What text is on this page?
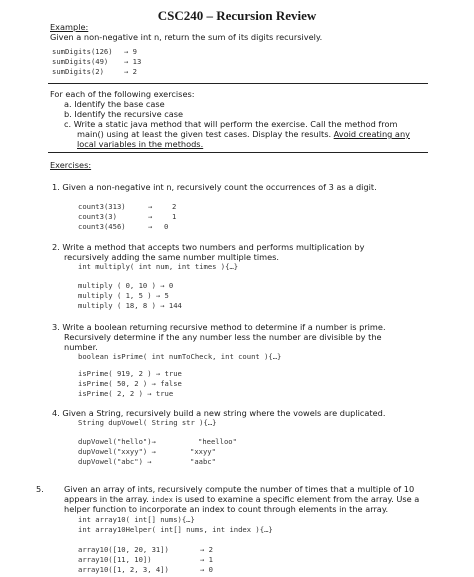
CSC240 – Recursion Review
Example:
Given a non-negative int n, return the sum of its digits recursively.
sumDigits(126) → 9
sumDigits(49) → 13
sumDigits(2)	→ 2
For each of the following exercises:
a. Identify the base case
b. Identify the recursive case
c. Write a static java method that will perform the exercise. Call the method from
main() using at least the given test cases. Display the results. Avoid creating any
local variables in the methods.
Exercises:
1. Given a non-negative int n, recursively count the occurrences of 3 as a digit.
count3(313)	→	2
count3(3)	→	1
count3(456)	→ 0
2. Write a method that accepts two numbers and performs multiplication by
recursively adding the same number multiple times.
int multiply( int num, int times ){…}
multiply ( 0, 10 ) → 0
multiply ( 1, 5 ) → 5
multiply ( 18, 8 ) → 144
3. Write a boolean returning recursive method to determine if a number is prime.
Recursively determine if the any number less the number are divisible by the
number.
boolean isPrime( int numToCheck, int count ){…}
isPrime( 919, 2 ) → true
isPrime( 50, 2 ) → false
isPrime( 2, 2 ) → true
4. Given a String, recursively build a new string where the vowels are duplicated.
String dupVowel( String str ){…}
dupVowel("hello")→	"heelloo"
dupVowel("xxyy") →	"xxyy"
dupVowel("abc") →	"aabc"
5. Given an array of ints, recursively compute the number of times that a multiple of 10
appears in the array. index is used to examine a specific element from the array. Use a
helper function to incorporate an index to count through elements in the array.
int array10( int[] nums){…}
int array10Helper( int[] nums, int index ){…}
array10([10, 20, 31])	→ 2
array10([11, 10])	→ 1
array10([1, 2, 3, 4])	→ 0
